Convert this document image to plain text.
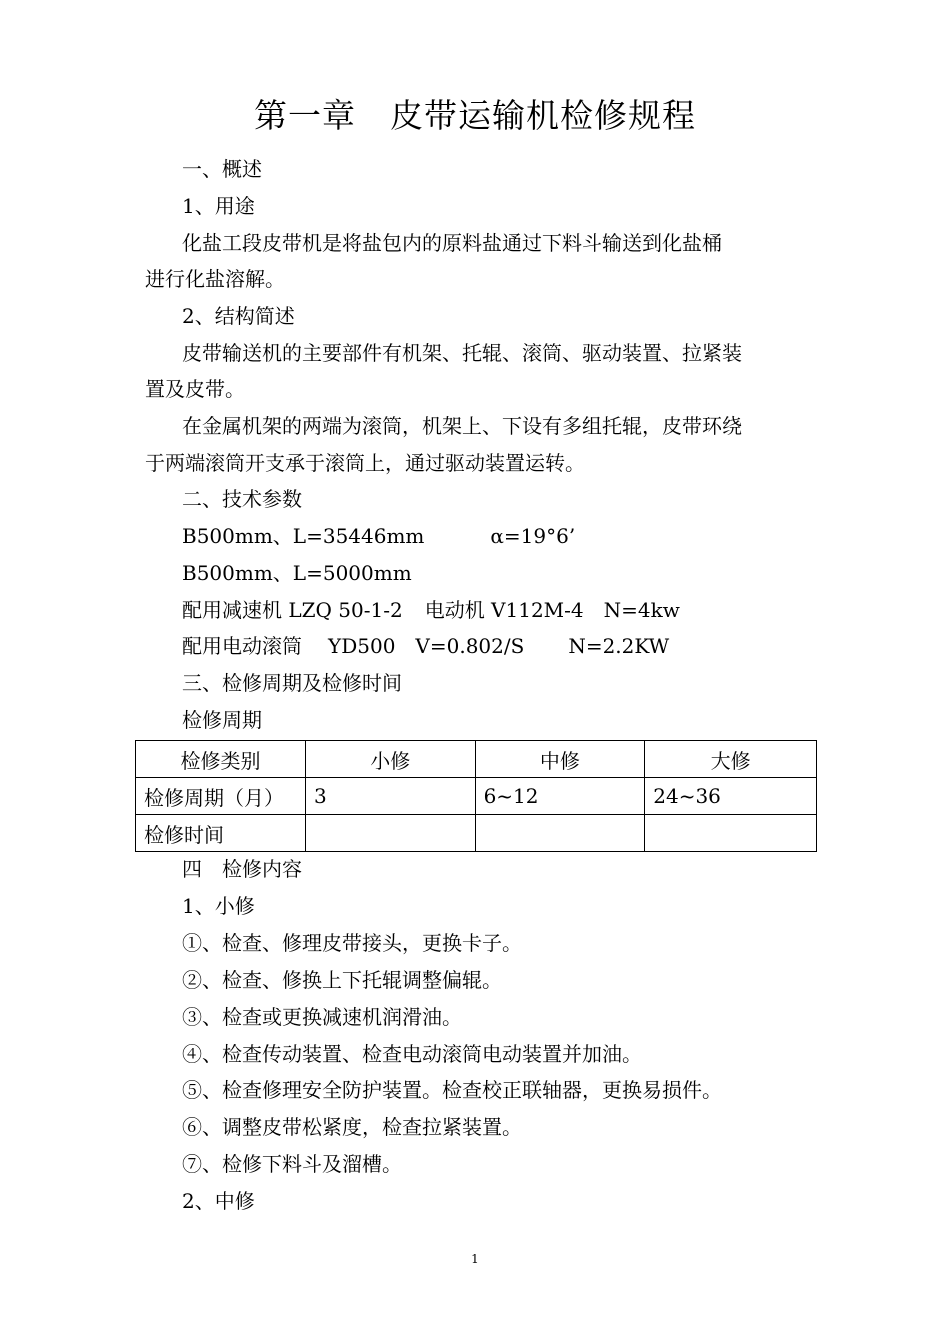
第一章　皮带运输机检修规程
一、概述
1、用途
化盐工段皮带机是将盐包内的原料盐通过下料斗输送到化盐桶
进行化盐溶解。
2、结构简述
皮带输送机的主要部件有机架、托辊、滚筒、驱动装置、拉紧装
置及皮带。
在金属机架的两端为滚筒，机架上、下设有多组托辊，皮带环绕
于两端滚筒开支承于滚筒上，通过驱动装置运转。
二、技术参数
B500mm、L=35446mm	α=19°6’
B500mm、L=5000mm
配用减速机 LZQ 50-1-2 电动机 V112M-4 N=4kw
配用电动滚筒 YD500 V=0.802/S N=2.2KW
三、检修周期及检修时间
检修周期
检修类别	小修	中修	大修
检修周期（月）	3	6~12	24~36
检修时间			
四　检修内容
1、小修
①、检查、修理皮带接头，更换卡子。
②、检查、修换上下托辊调整偏辊。
③、检查或更换减速机润滑油。
④、检查传动装置、检查电动滚筒电动装置并加油。
⑤、检查修理安全防护装置。检查校正联轴器，更换易损件。
⑥、调整皮带松紧度，检查拉紧装置。
⑦、检修下料斗及溜槽。
2、中修
1
